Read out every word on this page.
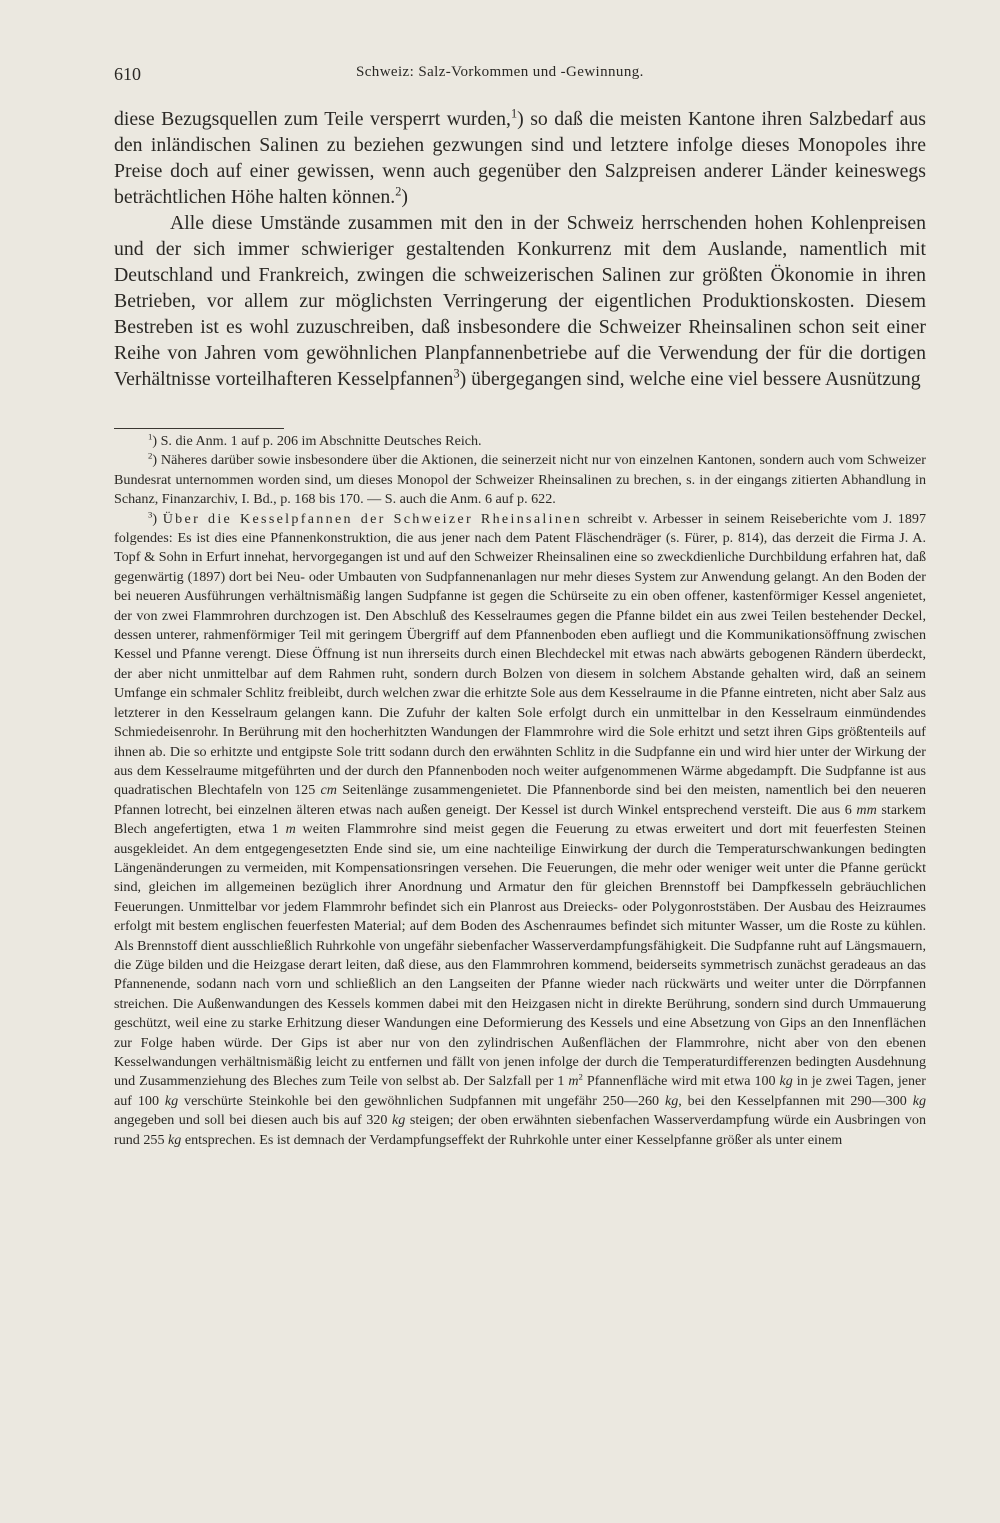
610	Schweiz: Salz-Vorkommen und -Gewinnung.

diese Bezugsquellen zum Teile versperrt wurden,$^1$) so daß die meisten Kantone ihren Salzbedarf aus den inländischen Salinen zu beziehen gezwungen sind und letztere infolge dieses Monopoles ihre Preise doch auf einer gewissen, wenn auch gegenüber den Salzpreisen anderer Länder keineswegs beträchtlichen Höhe halten können.$^2$)

Alle diese Umstände zusammen mit den in der Schweiz herrschenden hohen Kohlenpreisen und der sich immer schwieriger gestaltenden Konkurrenz mit dem Auslande, namentlich mit Deutschland und Frankreich, zwingen die schweizerischen Salinen zur größten Ökonomie in ihren Betrieben, vor allem zur möglichsten Verringerung der eigentlichen Produktionskosten. Diesem Bestreben ist es wohl zuzuschreiben, daß insbesondere die Schweizer Rheinsalinen schon seit einer Reihe von Jahren vom gewöhnlichen Planpfannenbetriebe auf die Verwendung der für die dortigen Verhältnisse vorteilhafteren Kesselpfannen$^3$) übergegangen sind, welche eine viel bessere Ausnützung

$^1$) S. die Anm. 1 auf p. 206 im Abschnitte Deutsches Reich.

$^2$) Näheres darüber sowie insbesondere über die Aktionen, die seinerzeit nicht nur von einzelnen Kantonen, sondern auch vom Schweizer Bundesrat unternommen worden sind, um dieses Monopol der Schweizer Rheinsalinen zu brechen, s. in der eingangs zitierten Abhandlung in Schanz, Finanzarchiv, I. Bd., p. 168 bis 170. — S. auch die Anm. 6 auf p. 622.

$^3$) Über die Kesselpfannen der Schweizer Rheinsalinen schreibt v. Arbesser in seinem Reiseberichte vom J. 1897 folgendes: Es ist dies eine Pfannenkonstruktion, die aus jener nach dem Patent Fläschendräger (s. Fürer, p. 814), das derzeit die Firma J. A. Topf & Sohn in Erfurt innehat, hervorgegangen ist und auf den Schweizer Rheinsalinen eine so zweckdienliche Durchbildung erfahren hat, daß gegenwärtig (1897) dort bei Neu- oder Umbauten von Sudpfannenanlagen nur mehr dieses System zur Anwendung gelangt. An den Boden der bei neueren Ausführungen verhältnismäßig langen Sudpfanne ist gegen die Schürseite zu ein oben offener, kastenförmiger Kessel angenietet, der von zwei Flammrohren durchzogen ist. Den Abschluß des Kesselraumes gegen die Pfanne bildet ein aus zwei Teilen bestehender Deckel, dessen unterer, rahmenförmiger Teil mit geringem Übergriff auf dem Pfannenboden eben aufliegt und die Kommunikationsöffnung zwischen Kessel und Pfanne verengt. Diese Öffnung ist nun ihrerseits durch einen Blechdeckel mit etwas nach abwärts gebogenen Rändern überdeckt, der aber nicht unmittelbar auf dem Rahmen ruht, sondern durch Bolzen von diesem in solchem Abstande gehalten wird, daß an seinem Umfange ein schmaler Schlitz freibleibt, durch welchen zwar die erhitzte Sole aus dem Kesselraume in die Pfanne eintreten, nicht aber Salz aus letzterer in den Kesselraum gelangen kann. Die Zufuhr der kalten Sole erfolgt durch ein unmittelbar in den Kesselraum einmündendes Schmiedeisenrohr. In Berührung mit den hocherhitzten Wandungen der Flammrohre wird die Sole erhitzt und setzt ihren Gips größtenteils auf ihnen ab. Die so erhitzte und entgipste Sole tritt sodann durch den erwähnten Schlitz in die Sudpfanne ein und wird hier unter der Wirkung der aus dem Kesselraume mitgeführten und der durch den Pfannenboden noch weiter aufgenommenen Wärme abgedampft. Die Sudpfanne ist aus quadratischen Blechtafeln von 125 cm Seitenlänge zusammengenietet. Die Pfannenborde sind bei den meisten, namentlich bei den neueren Pfannen lotrecht, bei einzelnen älteren etwas nach außen geneigt. Der Kessel ist durch Winkel entsprechend versteift. Die aus 6 mm starkem Blech angefertigten, etwa 1 m weiten Flammrohre sind meist gegen die Feuerung zu etwas erweitert und dort mit feuerfesten Steinen ausgekleidet. An dem entgegengesetzten Ende sind sie, um eine nachteilige Einwirkung der durch die Temperaturschwankungen bedingten Längenänderungen zu vermeiden, mit Kompensationsringen versehen. Die Feuerungen, die mehr oder weniger weit unter die Pfanne gerückt sind, gleichen im allgemeinen bezüglich ihrer Anordnung und Armatur den für gleichen Brennstoff bei Dampfkesseln gebräuchlichen Feuerungen. Unmittelbar vor jedem Flammrohr befindet sich ein Planrost aus Dreiecks- oder Polygonroststäben. Der Ausbau des Heizraumes erfolgt mit bestem englischen feuerfesten Material; auf dem Boden des Aschenraumes befindet sich mitunter Wasser, um die Roste zu kühlen. Als Brennstoff dient ausschließlich Ruhrkohle von ungefähr siebenfacher Wasserverdampfungsfähigkeit. Die Sudpfanne ruht auf Längsmauern, die Züge bilden und die Heizgase derart leiten, daß diese, aus den Flammrohren kommend, beiderseits symmetrisch zunächst geradeaus an das Pfannenende, sodann nach vorn und schließlich an den Langseiten der Pfanne wieder nach rückwärts und weiter unter die Dörrpfannen streichen. Die Außenwandungen des Kessels kommen dabei mit den Heizgasen nicht in direkte Berührung, sondern sind durch Ummauerung geschützt, weil eine zu starke Erhitzung dieser Wandungen eine Deformierung des Kessels und eine Absetzung von Gips an den Innenflächen zur Folge haben würde. Der Gips ist aber nur von den zylindrischen Außenflächen der Flammrohre, nicht aber von den ebenen Kesselwandungen verhältnismäßig leicht zu entfernen und fällt von jenen infolge der durch die Temperaturdifferenzen bedingten Ausdehnung und Zusammenziehung des Bleches zum Teile von selbst ab. Der Salzfall per 1 $m^2$ Pfannenfläche wird mit etwa 100 kg in je zwei Tagen, jener auf 100 kg verschürte Steinkohle bei den gewöhnlichen Sudpfannen mit ungefähr 250—260 kg, bei den Kesselpfannen mit 290—300 kg angegeben und soll bei diesen auch bis auf 320 kg steigen; der oben erwähnten siebenfachen Wasserverdampfung würde ein Ausbringen von rund 255 kg entsprechen. Es ist demnach der Verdampfungseffekt der Ruhrkohle unter einer Kesselpfanne größer als unter einem
